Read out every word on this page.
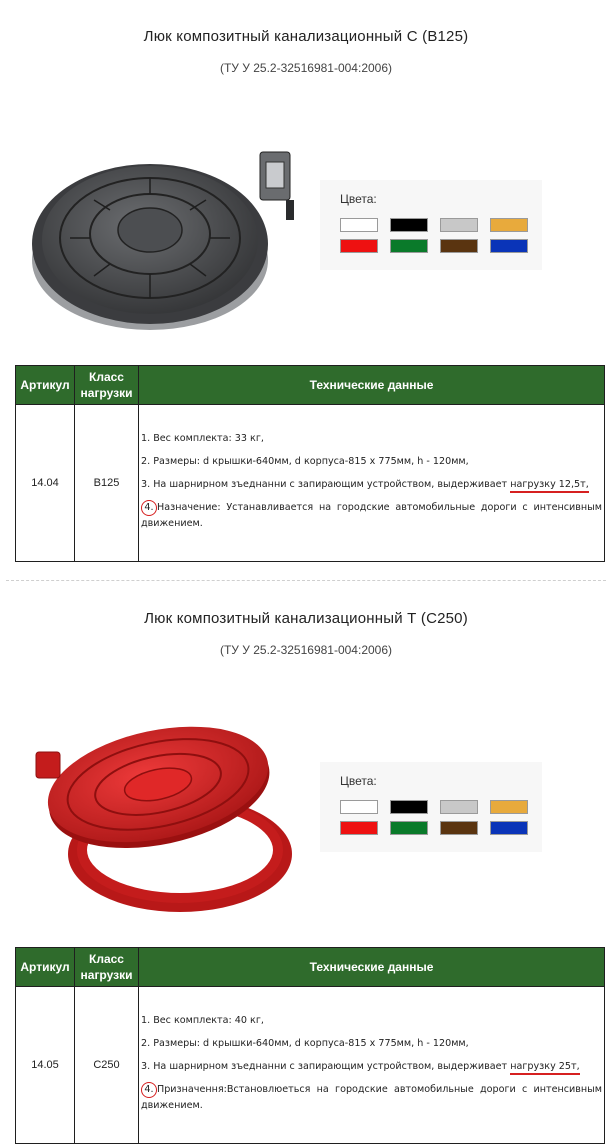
Люк композитный канализационный С (В125)
(ТУ У 25.2-32516981-004:2006)
Цвета:
Артикул	Класс нагрузки	Технические данные
14.04	В125	1. Вес комплекта: 33 кг,
2. Размеры: d крышки-640мм, d корпуса-815 х 775мм, h - 120мм,
3. На шарнирном зъеднанни с запирающим устройством, выдерживает нагрузку 12,5т,
4. Назначение: Устанавливается на городские автомобильные дороги с интенсивным движением.
Люк композитный канализационный Т (С250)
(ТУ У 25.2-32516981-004:2006)
Цвета:
Артикул	Класс нагрузки	Технические данные
14.05	С250	1. Вес комплекта: 40 кг,
2. Размеры: d крышки-640мм, d корпуса-815 х 775мм, h - 120мм,
3. На шарнирном зъеднанни с запирающим устройством, выдерживает нагрузку 25т,
4. Призначення:Встановлюеться на городские автомобильные дороги с интенсивным движением.
